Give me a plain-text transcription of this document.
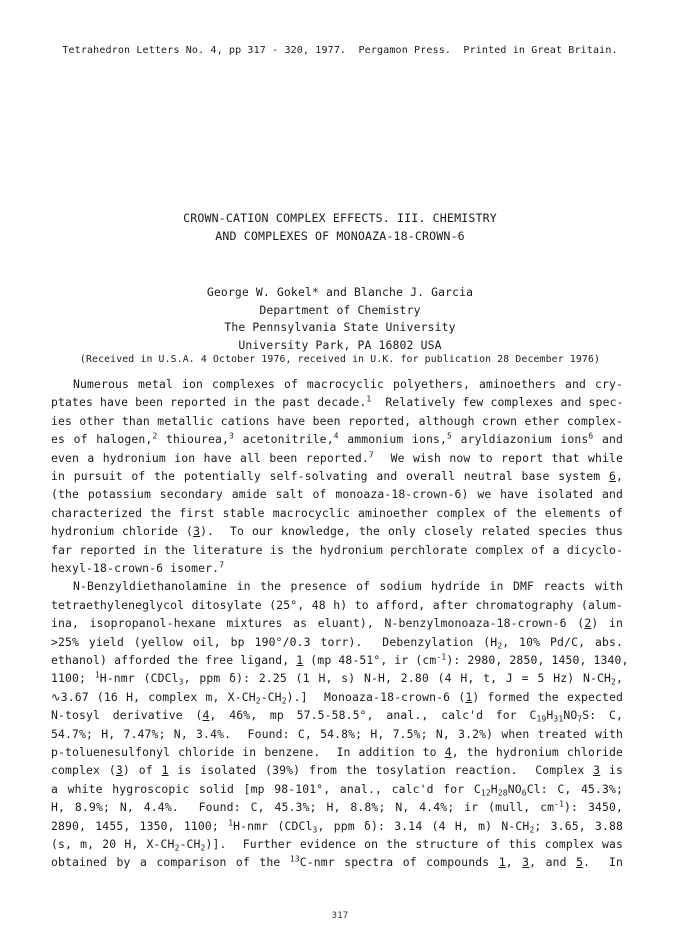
Tetrahedron Letters No. 4, pp 317 - 320, 1977.  Pergamon Press.  Printed in Great Britain.
CROWN-CATION COMPLEX EFFECTS. III. CHEMISTRY
AND COMPLEXES OF MONOAZA-18-CROWN-6
George W. Gokel* and Blanche J. Garcia
Department of Chemistry
The Pennsylvania State University
University Park, PA 16802 USA
(Received in U.S.A. 4 October 1976, received in U.K. for publication 28 December 1976)
Numerous metal ion complexes of macrocyclic polyethers, aminoethers and cry-
ptates have been reported in the past decade.$^1$  Relatively few complexes and spec-
ies other than metallic cations have been reported, although crown ether complex-
es of halogen,$^2$ thiourea,$^3$ acetonitrile,$^4$ ammonium ions,$^5$ aryldiazonium ions$^6$ and
even a hydronium ion have all been reported.$^7$  We wish now to report that while
in pursuit of the potentially self-solvating and overall neutral base system 6,
(the potassium secondary amide salt of monoaza-18-crown-6) we have isolated and
characterized the first stable macrocyclic aminoether complex of the elements of
hydronium chloride (3).  To our knowledge, the only closely related species thus
far reported in the literature is the hydronium perchlorate complex of a dicyclo-
hexyl-18-crown-6 isomer.$^7$
N-Benzyldiethanolamine in the presence of sodium hydride in DMF reacts with
tetraethyleneglycol ditosylate (25°, 48 h) to afford, after chromatography (alum-
ina, isopropanol-hexane mixtures as eluant), N-benzylmonoaza-18-crown-6 (2) in
>25% yield (yellow oil, bp 190°/0.3 torr).  Debenzylation ($H_2$, 10% Pd/C, abs.
ethanol) afforded the free ligand, 1 (mp 48-51°, ir $(cm^{-1})$: 2980, 2850, 1450, 1340,
1100; $^1$H-nmr (CDCl$_3$, ppm δ): 2.25 (1 H, s) N-H, 2.80 (4 H, t, J = 5 Hz) $N-CH_2$,
∿3.67 (16 H, complex m, $X-CH_2-CH_2$).]  Monoaza-18-crown-6 (1) formed the expected
N-tosyl derivative (4, 46%, mp 57.5-58.5°, anal., calc'd for $C_{19}H_{31}NO_7S$: C,
54.7%; H, 7.47%; N, 3.4%.  Found: C, 54.8%; H, 7.5%; N, 3.2%) when treated with
p-toluenesulfonyl chloride in benzene.  In addition to 4, the hydronium chloride
complex (3) of 1 is isolated (39%) from the tosylation reaction.  Complex 3 is
a white hygroscopic solid [mp 98-101°, anal., calc'd for $C_{12}H_{28}NO_6Cl$: C, 45.3%;
H, 8.9%; N, 4.4%.  Found: C, 45.3%; H, 8.8%; N, 4.4%; ir (mull, $cm^{-1}$): 3450,
2890, 1455, 1350, 1100; $^1$H-nmr (CDCl$_3$, ppm δ): 3.14 (4 H, m) $N-CH_2$; 3.65, 3.88
(s, m, 20 H, $X-CH_2-CH_2$)].  Further evidence on the structure of this complex was
obtained by a comparison of the $^{13}$C-nmr spectra of compounds 1, 3, and 5.  In
317
